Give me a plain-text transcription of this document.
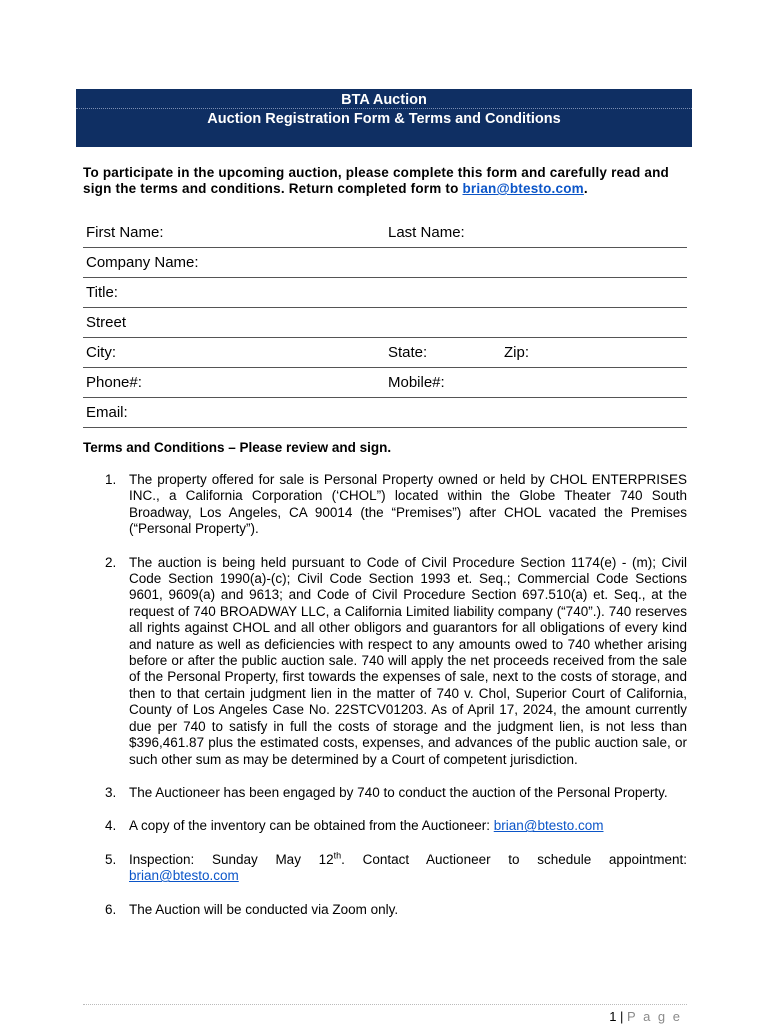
BTA Auction
Auction Registration Form & Terms and Conditions
To participate in the upcoming auction, please complete this form and carefully read and sign the terms and conditions. Return completed form to brian@btesto.com.
First Name:	Last Name:
Company Name:
Title:
Street
City:	State:	Zip:
Phone#:	Mobile#:
Email:
Terms and Conditions – Please review and sign.
1. The property offered for sale is Personal Property owned or held by CHOL ENTERPRISES INC., a California Corporation (‘CHOL”) located within the Globe Theater 740 South Broadway, Los Angeles, CA 90014 (the “Premises”) after CHOL vacated the Premises (“Personal Property”).
2. The auction is being held pursuant to Code of Civil Procedure Section 1174(e) - (m); Civil Code Section 1990(a)-(c); Civil Code Section 1993 et. Seq.; Commercial Code Sections 9601, 9609(a) and 9613; and Code of Civil Procedure Section 697.510(a) et. Seq., at the request of 740 BROADWAY LLC, a California Limited liability company (“740”.). 740 reserves all rights against CHOL and all other obligors and guarantors for all obligations of every kind and nature as well as deficiencies with respect to any amounts owed to 740 whether arising before or after the public auction sale. 740 will apply the net proceeds received from the sale of the Personal Property, first towards the expenses of sale, next to the costs of storage, and then to that certain judgment lien in the matter of 740 v. Chol, Superior Court of California, County of Los Angeles Case No. 22STCV01203. As of April 17, 2024, the amount currently due per 740 to satisfy in full the costs of storage and the judgment lien, is not less than $396,461.87 plus the estimated costs, expenses, and advances of the public auction sale, or such other sum as may be determined by a Court of competent jurisdiction.
3. The Auctioneer has been engaged by 740 to conduct the auction of the Personal Property.
4. A copy of the inventory can be obtained from the Auctioneer: brian@btesto.com
5. Inspection: Sunday May 12th. Contact Auctioneer to schedule appointment: brian@btesto.com
6. The Auction will be conducted via Zoom only.
1 | P a g e
